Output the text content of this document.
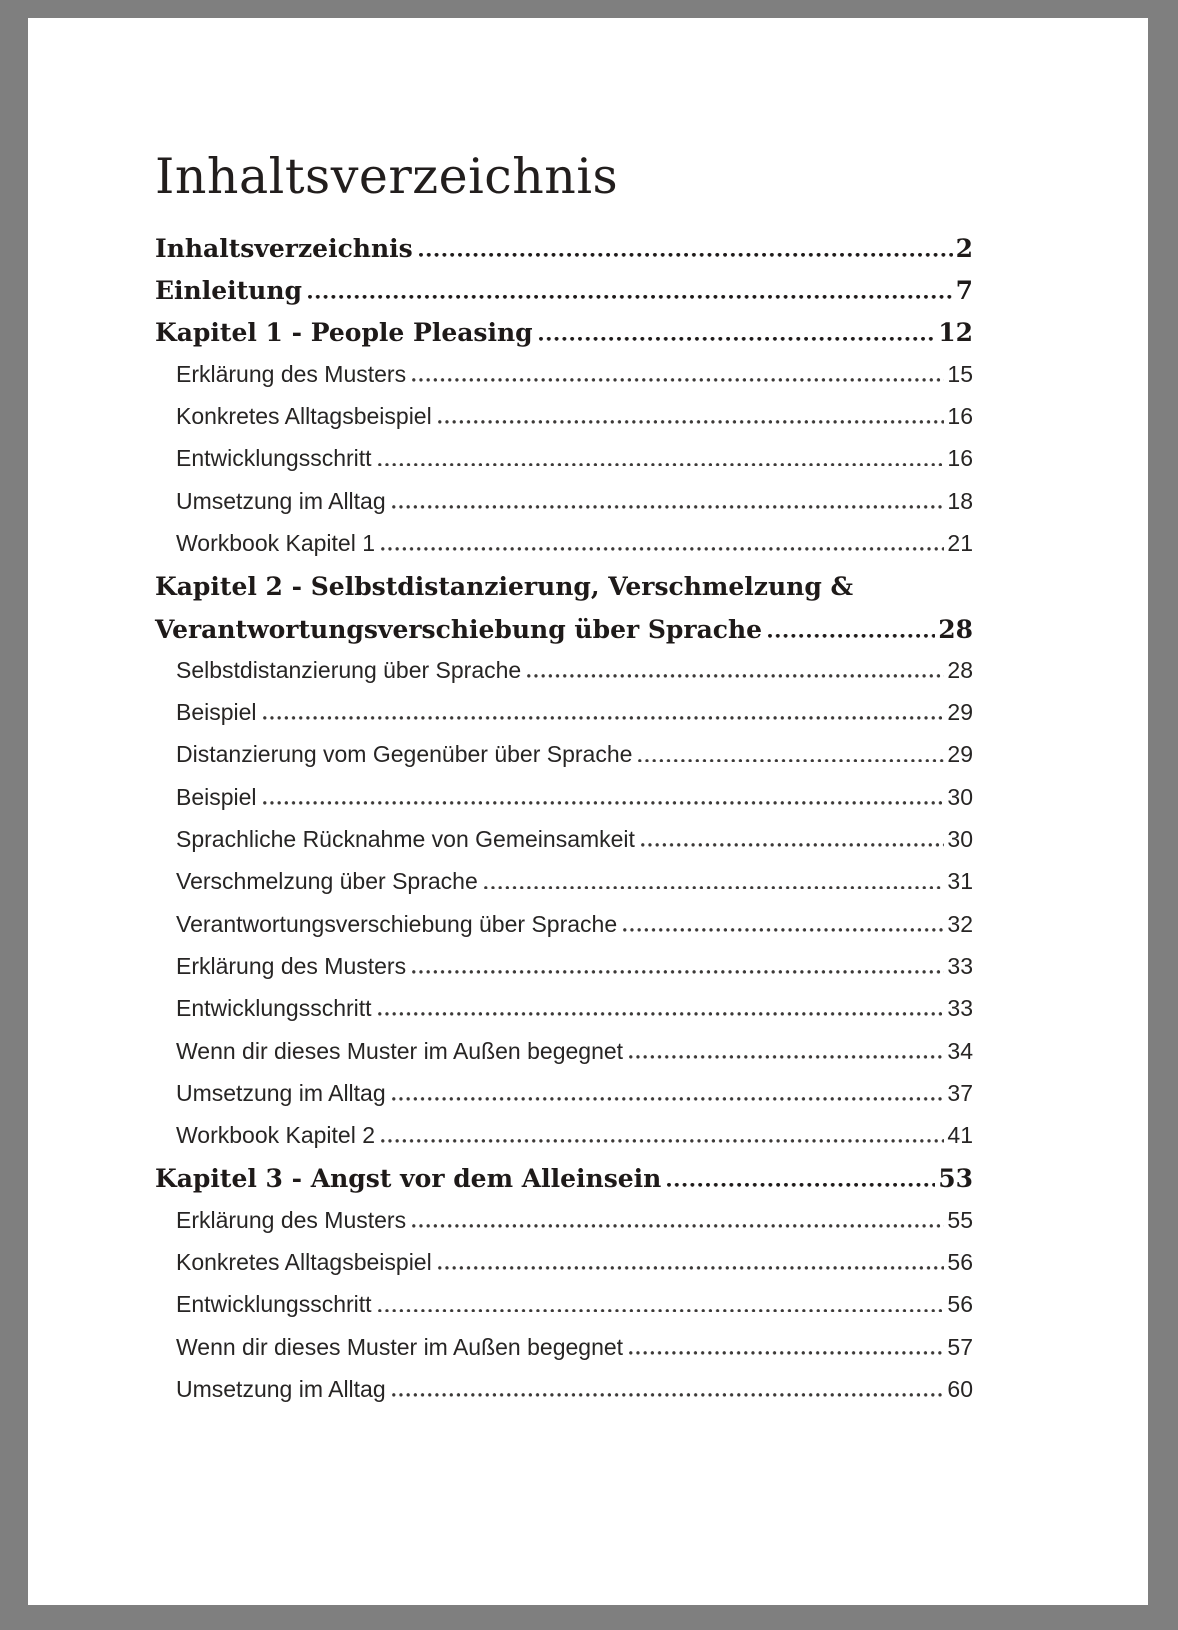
Inhaltsverzeichnis
Inhaltsverzeichnis	2
Einleitung	7
Kapitel 1 - People Pleasing	12
Erklärung des Musters	15
Konkretes Alltagsbeispiel	16
Entwicklungsschritt	16
Umsetzung im Alltag	18
Workbook Kapitel 1	21
Kapitel 2 - Selbstdistanzierung, Verschmelzung &
Verantwortungsverschiebung über Sprache	28
Selbstdistanzierung über Sprache	28
Beispiel	29
Distanzierung vom Gegenüber über Sprache	29
Beispiel	30
Sprachliche Rücknahme von Gemeinsamkeit	30
Verschmelzung über Sprache	31
Verantwortungsverschiebung über Sprache	32
Erklärung des Musters	33
Entwicklungsschritt	33
Wenn dir dieses Muster im Außen begegnet	34
Umsetzung im Alltag	37
Workbook Kapitel 2	41
Kapitel 3 - Angst vor dem Alleinsein	53
Erklärung des Musters	55
Konkretes Alltagsbeispiel	56
Entwicklungsschritt	56
Wenn dir dieses Muster im Außen begegnet	57
Umsetzung im Alltag	60
